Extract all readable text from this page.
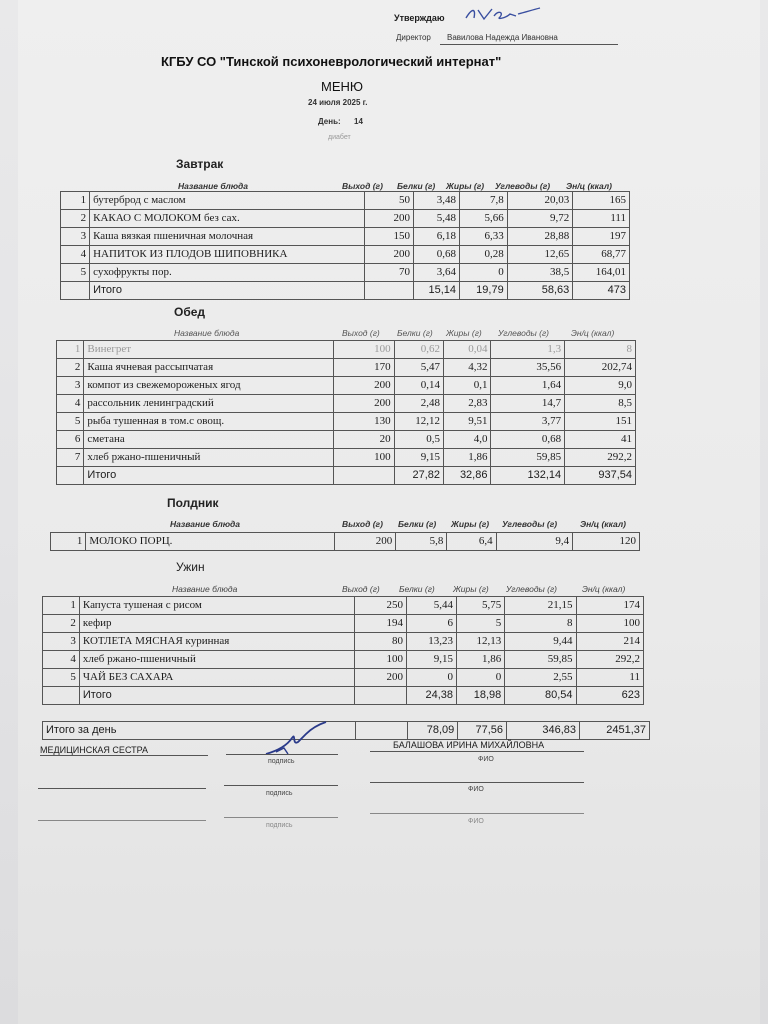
Утверждаю
Директор Вавилова Надежда Ивановна
КГБУ СО "Тинской психоневрологический интернат"
МЕНЮ
24 июля 2025 г.
День: 14
диабет
Завтрак
Название блюда	Выход (г) Белки (г) Жиры (г) Углеводы (г) Эн/ц (ккал)
1	бутерброд с маслом	50	3,48	7,8	20,03	165
2	КАКАО С МОЛОКОМ без сах.	200	5,48	5,66	9,72	111
3	Каша вязкая пшеничная молочная	150	6,18	6,33	28,88	197
4	НАПИТОК ИЗ ПЛОДОВ ШИПОВНИКА	200	0,68	0,28	12,65	68,77
5	сухофрукты пор.	70	3,64	0	38,5	164,01
	Итого		15,14	19,79	58,63	473
Обед
Название блюда	Выход (г) Белки (г) Жиры (г) Углеводы (г)	Эн/ц (ккал)
1	Винегрет	100	0,62	0,04	1,3	8
2	Каша ячневая рассыпчатая	170	5,47	4,32	35,56	202,74
3	компот из свежемороженых ягод	200	0,14	0,1	1,64	9,0
4	рассольник ленинградский	200	2,48	2,83	14,7	8,5
5	рыба тушенная в том.с овощ.	130	12,12	9,51	3,77	151
6	сметана	20	0,5	4,0	0,68	41
7	хлеб ржано-пшеничный	100	9,15	1,86	59,85	292,2
	Итого		27,82	32,86	132,14	937,54
Полдник
Название блюда	Выход (г) Белки (г) Жиры (г) Углеводы (г)	Эн/ц (ккал)
1	МОЛОКО ПОРЦ.	200	5,8	6,4	9,4	120
Ужин
Название блюда	Выход (г) Белки (г) Жиры (г) Углеводы (г)	Эн/ц (ккал)
1	Капуста тушеная с рисом	250	5,44	5,75	21,15	174
2	кефир	194	6	5	8	100
3	КОТЛЕТА МЯСНАЯ куринная	80	13,23	12,13	9,44	214
4	хлеб ржано-пшеничный	100	9,15	1,86	59,85	292,2
5	ЧАЙ БЕЗ САХАРА	200	0	0	2,55	11
	Итого		24,38	18,98	80,54	623
Итого за день		78,09	77,56	346,83	2451,37
МЕДИЦИНСКАЯ СЕСТРА
подпись
БАЛАШОВА ИРИНА МИХАЙЛОВНА
ФИО
подпись
ФИО
подпись
ФИО
